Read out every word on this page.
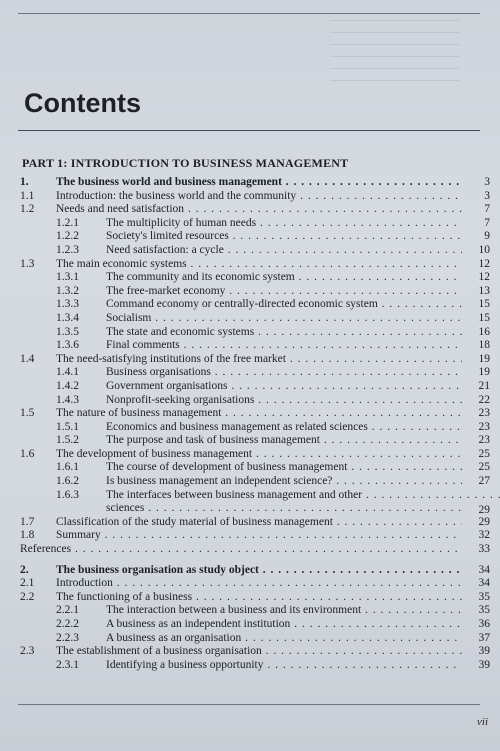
Contents
PART 1: INTRODUCTION TO BUSINESS MANAGEMENT
1. The business world and business management . . .	3
1.1 Introduction: the business world and the community . . .	3
1.2 Needs and need satisfaction . . .	7
1.2.1 The multiplicity of human needs . . .	7
1.2.2 Society's limited resources . . .	9
1.2.3 Need satisfaction: a cycle . . .	10
1.3 The main economic systems . . .	12
1.3.1 The community and its economic system . . .	12
1.3.2 The free-market economy . . .	13
1.3.3 Command economy or centrally-directed economic system . . .	15
1.3.4 Socialism . . .	15
1.3.5 The state and economic systems . . .	16
1.3.6 Final comments . . .	18
1.4 The need-satisfying institutions of the free market . . .	19
1.4.1 Business organisations . . .	19
1.4.2 Government organisations . . .	21
1.4.3 Nonprofit-seeking organisations . . .	22
1.5 The nature of business management . . .	23
1.5.1 Economics and business management as related sciences . . .	23
1.5.2 The purpose and task of business management . . .	23
1.6 The development of business management . . .	25
1.6.1 The course of development of business management . . .	25
1.6.2 Is business management an independent science? . . .	27
1.6.3 The interfaces between business management and other . . .
sciences . . .	29
1.7 Classification of the study material of business management . . .	29
1.8 Summary . . .	32
References . . .	33
2. The business organisation as study object . . .	34
2.1 Introduction . . .	34
2.2 The functioning of a business . . .	35
2.2.1 The interaction between a business and its environment . . .	35
2.2.2 A business as an independent institution . . .	36
2.2.3 A business as an organisation . . .	37
2.3 The establishment of a business organisation . . .	39
2.3.1 Identifying a business opportunity . . .	39
vii
